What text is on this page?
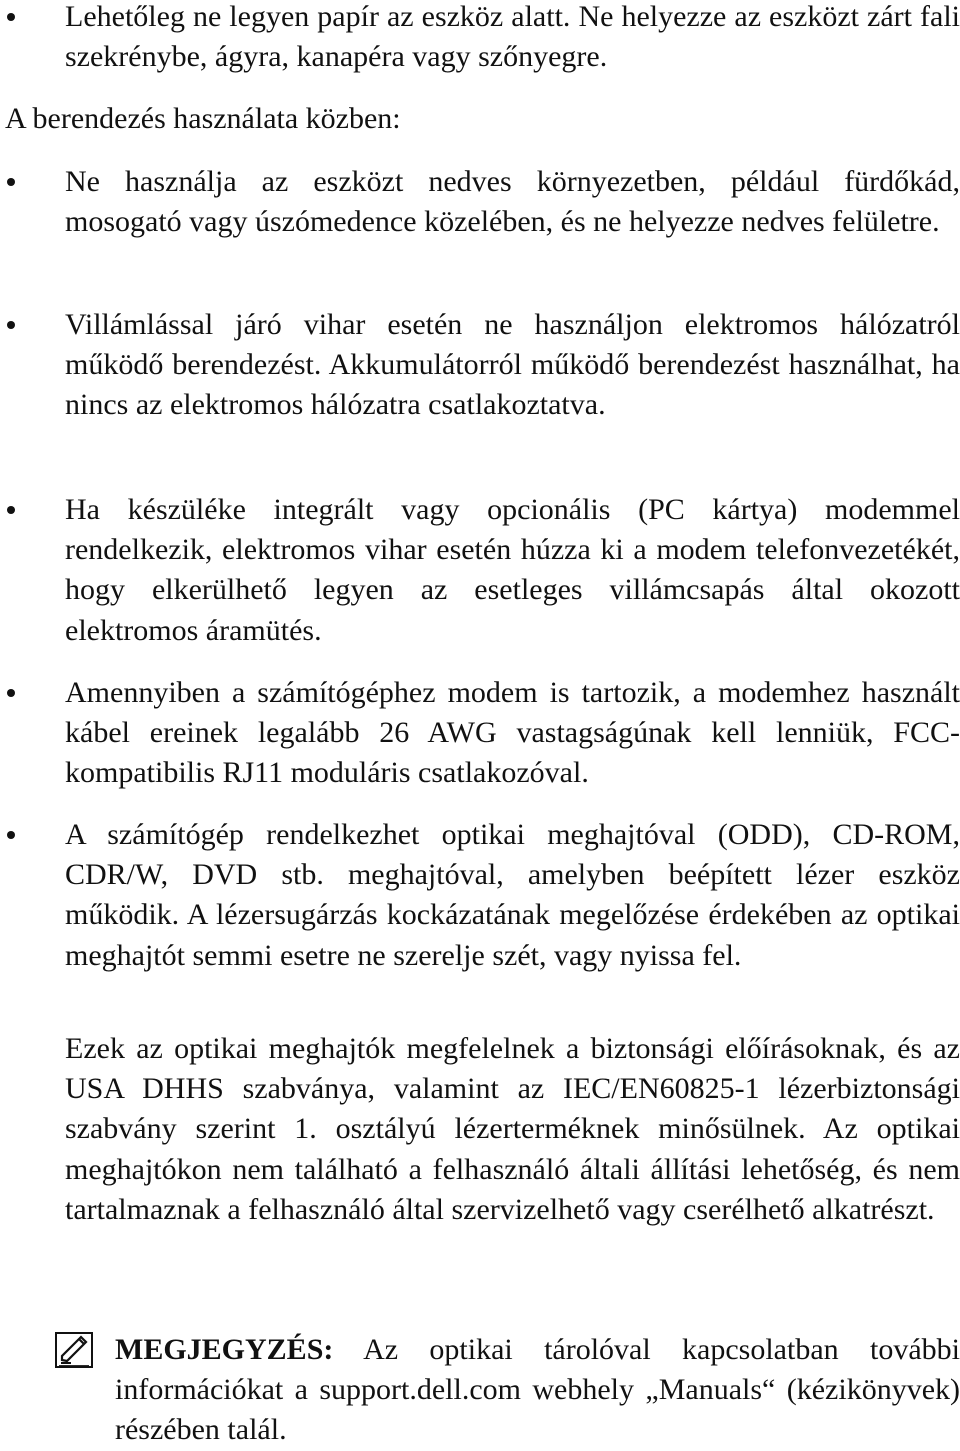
Lehetőleg ne legyen papír az eszköz alatt. Ne helyezze az eszközt zárt fali szekrénybe, ágyra, kanapéra vagy szőnyegre.
A berendezés használata közben:
Ne használja az eszközt nedves környezetben, például fürdőkád, mosogató vagy úszómedence közelében, és ne helyezze nedves felületre.
Villámlással járó vihar esetén ne használjon elektromos hálózatról működő berendezést. Akkumulátorról működő berendezést használhat, ha nincs az elektromos hálózatra csatlakoztatva.
Ha készüléke integrált vagy opcionális (PC kártya) modemmel rendelkezik, elektromos vihar esetén húzza ki a modem telefonvezetékét, hogy elkerülhető legyen az esetleges villámcsapás által okozott elektromos áramütés.
Amennyiben a számítógéphez modem is tartozik, a modemhez használt kábel ereinek legalább 26 AWG vastagságúnak kell lenniük, FCC-kompatibilis RJ11 moduláris csatlakozóval.
A számítógép rendelkezhet optikai meghajtóval (ODD), CD-ROM, CDR/W, DVD stb. meghajtóval, amelyben beépített lézer eszköz működik. A lézersugárzás kockázatának megelőzése érdekében az optikai meghajtót semmi esetre ne szerelje szét, vagy nyissa fel.
Ezek az optikai meghajtók megfelelnek a biztonsági előírásoknak, és az USA DHHS szabványa, valamint az IEC/EN60825-1 lézerbiztonsági szabvány szerint 1. osztályú lézerterméknek minősülnek. Az optikai meghajtókon nem található a felhasználó általi állítási lehetőség, és nem tartalmaznak a felhasználó által szervizelhető vagy cserélhető alkatrészt.
MEGJEGYZÉS: Az optikai tárolóval kapcsolatban további információkat a support.dell.com webhely „Manuals“ (kézikönyvek) részében talál.
